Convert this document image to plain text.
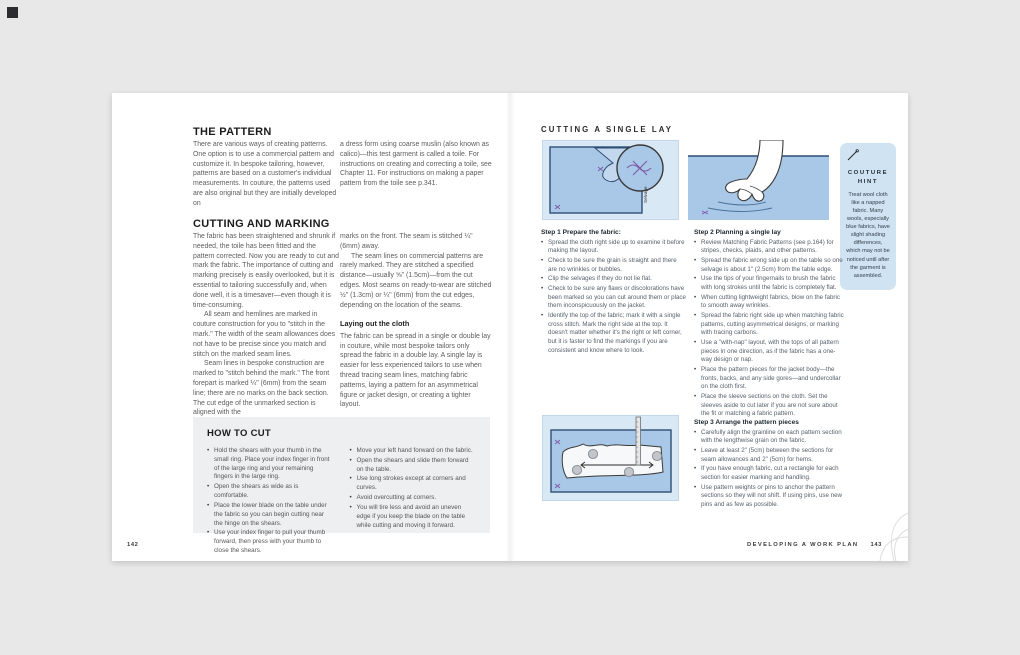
THE PATTERN

There are various ways of creating patterns. One option is to use a commercial pattern and customize it. In bespoke tailoring, however, patterns are based on a customer's individual measurements. In couture, the patterns used are also original but they are initially developed on

a dress form using coarse muslin (also known as calico)—this test garment is called a toile. For instructions on creating and correcting a toile, see Chapter 11. For instructions on making a paper pattern from the toile see p.341.

CUTTING AND MARKING

The fabric has been straightened and shrunk if needed, the toile has been fitted and the pattern corrected. Now you are ready to cut and mark the fabric. The importance of cutting and marking precisely is easily overlooked, but it is essential to tailoring successfully and, when done well, it is a timesaver—even though it is time-consuming.

All seam and hemlines are marked in couture construction for you to "stitch in the mark." The width of the seam allowances does not have to be precise since you match and stitch on the marked seam lines.

Seam lines in bespoke construction are marked to "stitch behind the mark." The front forepart is marked ¼" (6mm) from the seam line; there are no marks on the back section. The cut edge of the unmarked section is aligned with the

marks on the front. The seam is stitched ¼" (6mm) away.

The seam lines on commercial patterns are rarely marked. They are stitched a specified distance—usually ⅝" (1.5cm)—from the cut edges. Most seams on ready-to-wear are stitched ½" (1.3cm) or ¼" (6mm) from the cut edges, depending on the location of the seams.

Laying out the cloth

The fabric can be spread in a single or double lay in couture, while most bespoke tailors only spread the fabric in a double lay. A single lay is easier for less experienced tailors to use when thread tracing seam lines, matching fabric patterns, laying a pattern for an asymmetrical figure or jacket design, or creating a tighter layout.

HOW TO CUT
• Hold the shears with your thumb in the small ring. Place your index finger in front of the large ring and your remaining fingers in the large ring.
• Open the shears as wide as is comfortable.
• Place the lower blade on the table under the fabric so you can begin cutting near the hinge on the shears.
• Use your index finger to pull your thumb forward, then press with your thumb to close the shears.
• Move your left hand forward on the fabric.
• Open the shears and slide them forward on the table.
• Use long strokes except at corners and curves.
• Avoid overcutting at corners.
• You will tire less and avoid an uneven edge if you keep the blade on the table while cutting and moving it forward.
142
CUTTING A SINGLE LAY
Selvage
COUTURE HINT
Treat wool cloth like a napped fabric. Many wools, especially blue fabrics, have slight shading differences, which may not be noticed until after the garment is assembled.
Step 1 Prepare the fabric:
• Spread the cloth right side up to examine it before making the layout.
• Check to be sure the grain is straight and there are no wrinkles or bubbles.
• Clip the selvages if they do not lie flat.
• Check to be sure any flaws or discolorations have been marked so you can cut around them or place them inconspicuously on the jacket.
• Identify the top of the fabric; mark it with a single cross stitch. Mark the right side at the top. It doesn't matter whether it's the right or left corner, but it is faster to find the markings if you are consistent and know where to look.
Step 2 Planning a single lay
• Review Matching Fabric Patterns (see p.164) for stripes, checks, plaids, and other patterns.
• Spread the fabric wrong side up on the table so one selvage is about 1" (2.5cm) from the table edge.
• Use the tips of your fingernails to brush the fabric with long strokes until the fabric is completely flat.
• When cutting lightweight fabrics, blow on the fabric to smooth away wrinkles.
• Spread the fabric right side up when matching fabric patterns, cutting asymmetrical designs, or marking with tracing carbons.
• Use a "with-nap" layout, with the tops of all pattern pieces in one direction, as if the fabric has a one-way design or nap.
• Place the pattern pieces for the jacket body—the fronts, backs, and any side gores—and undercollar on the cloth first.
• Place the sleeve sections on the cloth. Set the sleeves aside to cut later if you are not sure about the fit or matching a fabric pattern.
Step 3 Arrange the pattern pieces
• Carefully align the grainline on each pattern section with the lengthwise grain on the fabric.
• Leave at least 2" (5cm) between the sections for seam allowances and 2" (5cm) for hems.
• If you have enough fabric, cut a rectangle for each section for easier marking and handling.
• Use pattern weights or pins to anchor the pattern sections so they will not shift. If using pins, use new pins and as few as possible.
DEVELOPING A WORK PLAN 143
